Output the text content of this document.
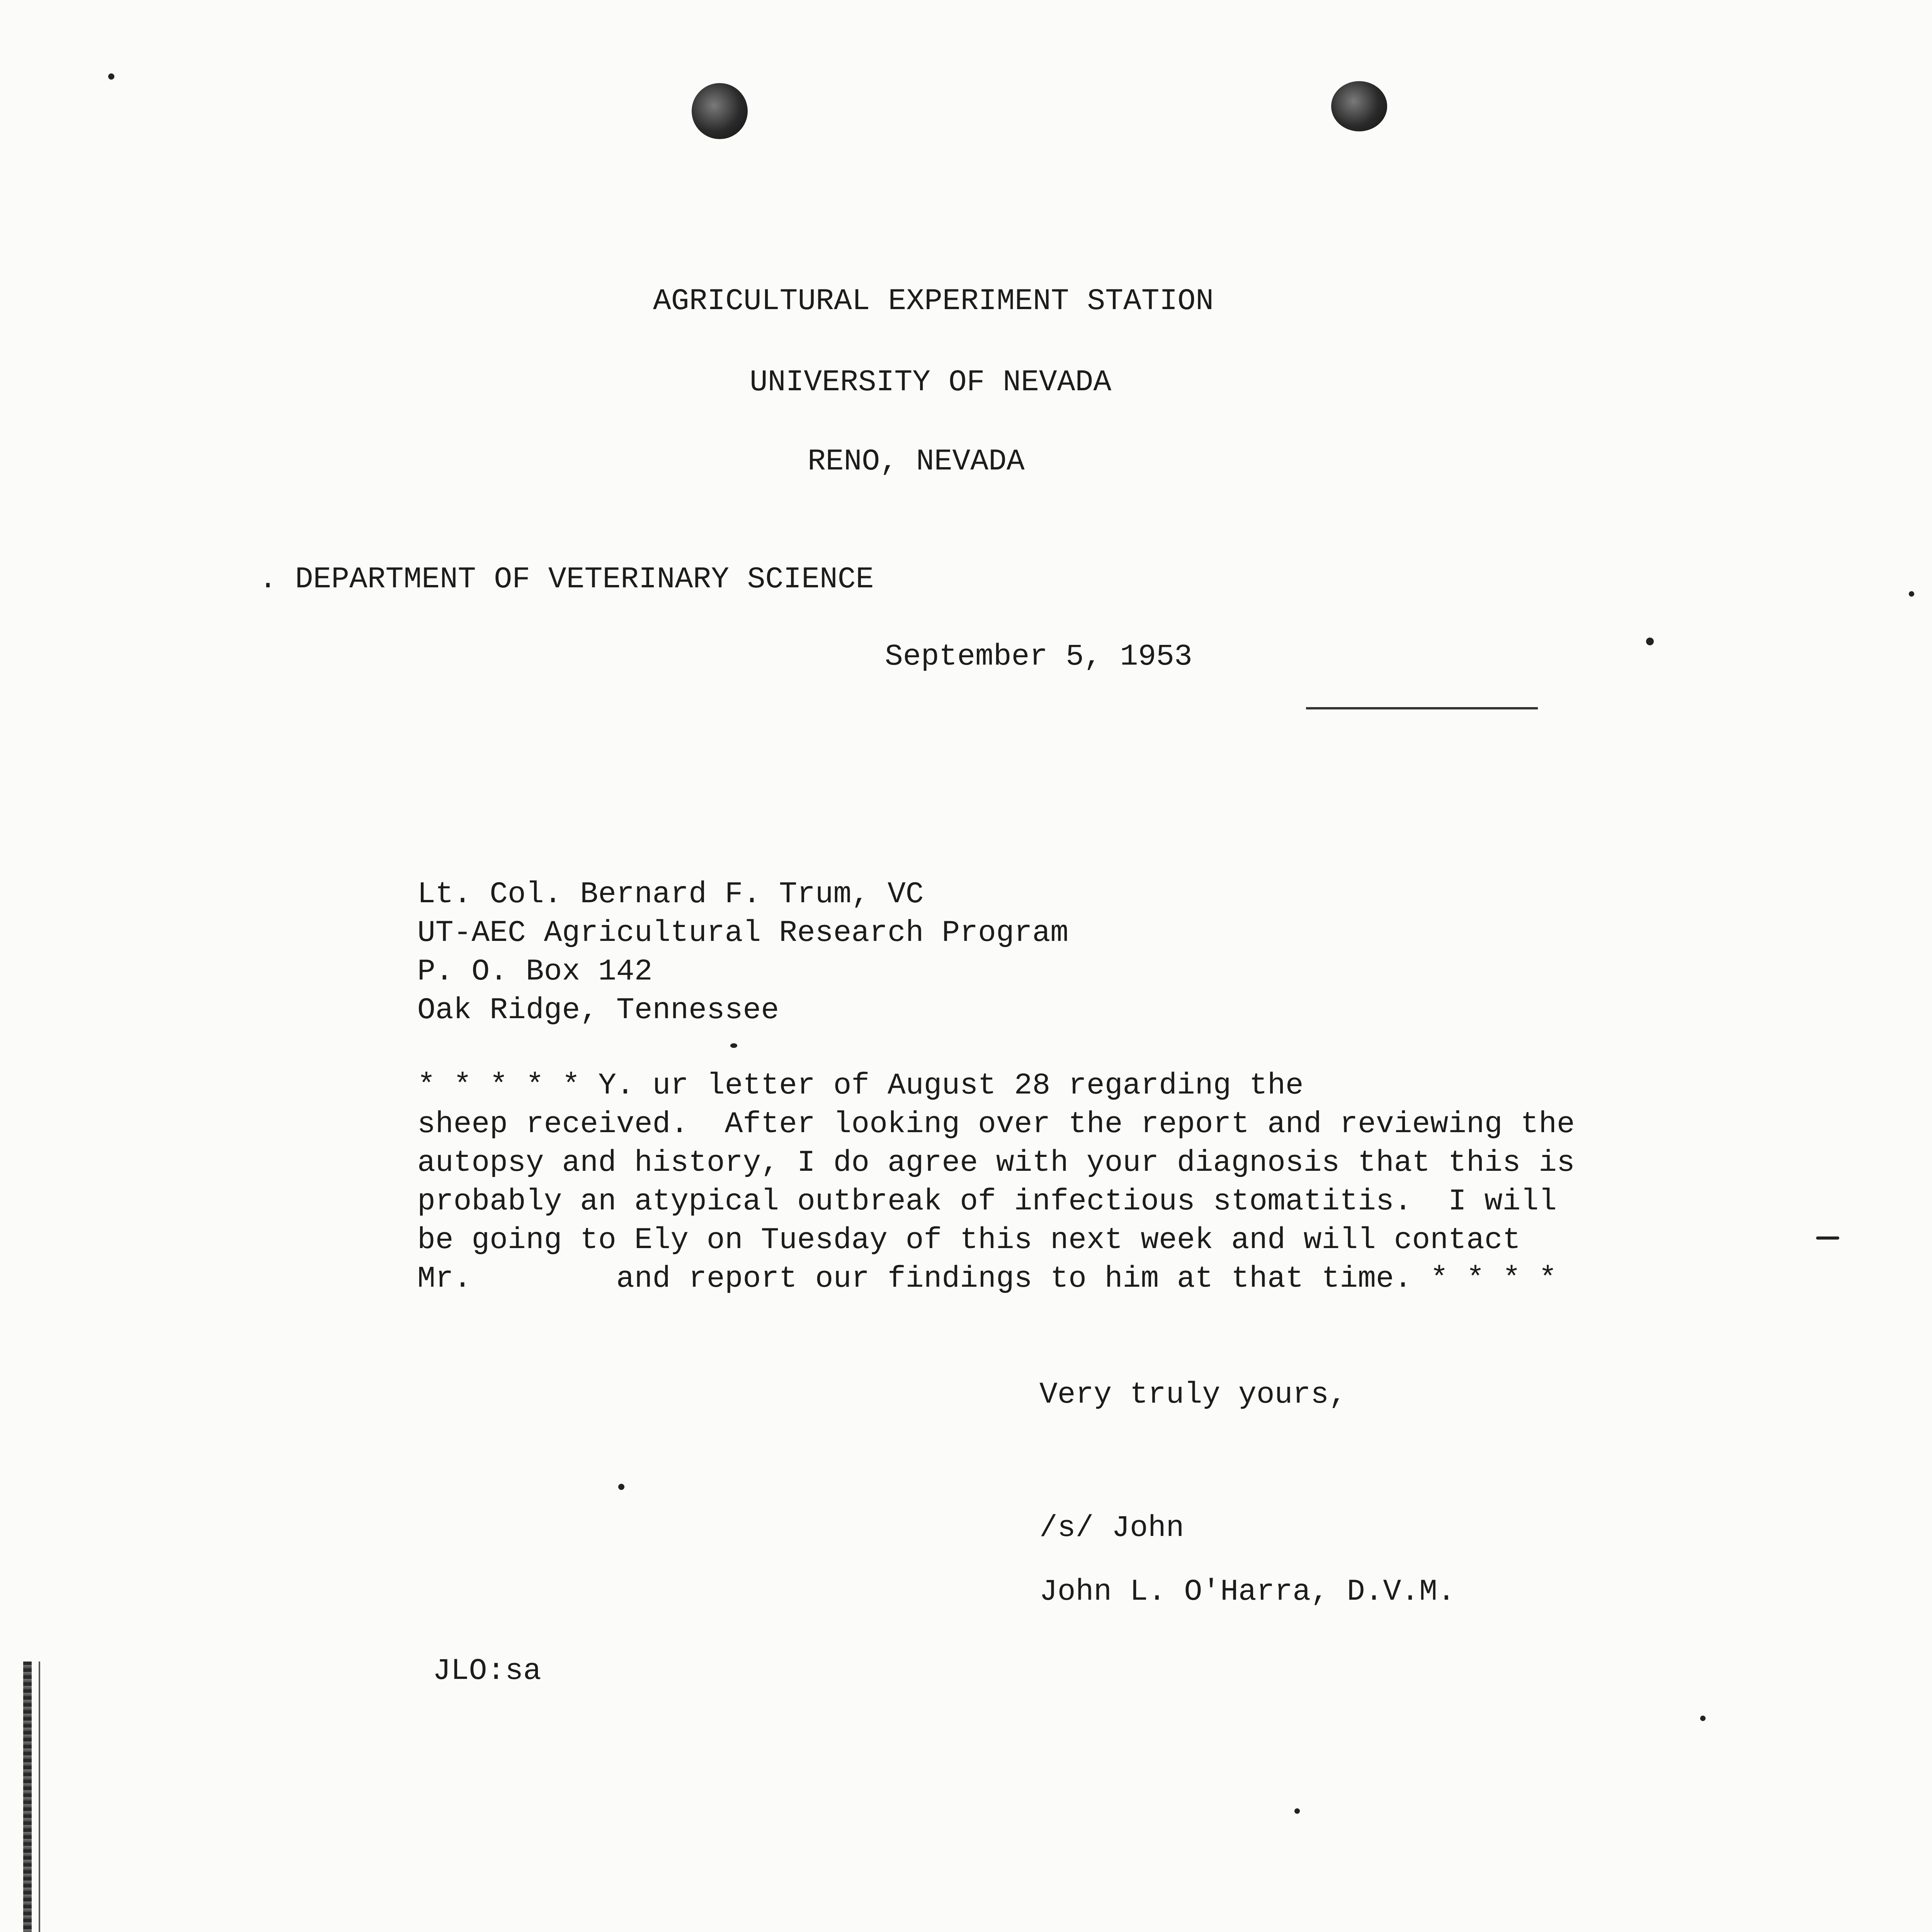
AGRICULTURAL EXPERIMENT STATION
UNIVERSITY OF NEVADA
RENO, NEVADA
. DEPARTMENT OF VETERINARY SCIENCE
September 5, 1953
Lt. Col. Bernard F. Trum, VC
UT-AEC Agricultural Research Program
P. O. Box 142
Oak Ridge, Tennessee
* * * * * Y. ur letter of August 28 regarding the
sheep received.  After looking over the report and reviewing the
autopsy and history, I do agree with your diagnosis that this is
probably an atypical outbreak of infectious stomatitis.  I will
be going to Ely on Tuesday of this next week and will contact
Mr.        and report our findings to him at that time. * * * *
Very truly yours,
/s/ John
John L. O'Harra, D.V.M.
JLO:sa
